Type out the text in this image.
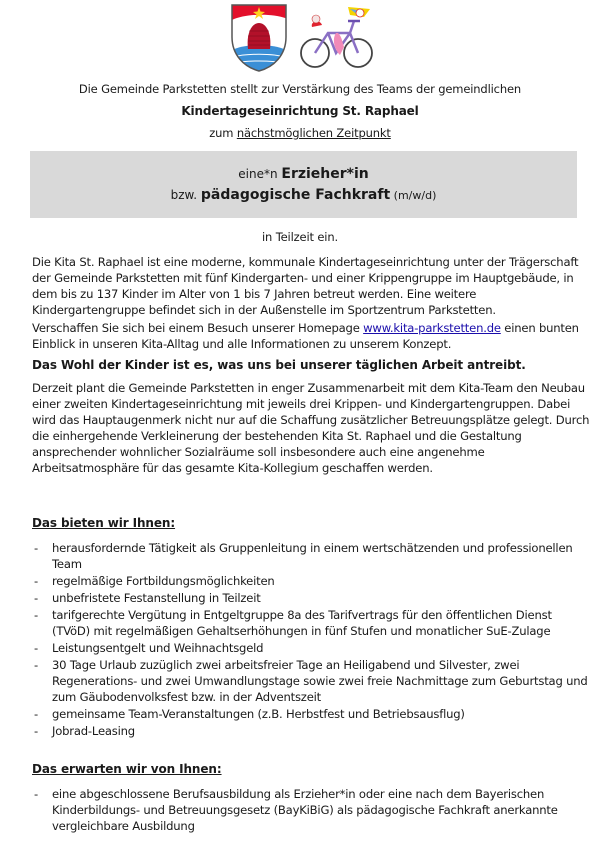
Die Gemeinde Parkstetten stellt zur Verstärkung des Teams der gemeindlichen
Kindertageseinrichtung St. Raphael
zum nächstmöglichen Zeitpunkt
eine*n Erzieher*in
bzw. pädagogische Fachkraft (m/w/d)
in Teilzeit ein.
Die Kita St. Raphael ist eine moderne, kommunale Kindertageseinrichtung unter der Trägerschaft der Gemeinde Parkstetten mit fünf Kindergarten- und einer Krippengruppe im Hauptgebäude, in dem bis zu 137 Kinder im Alter von 1 bis 7 Jahren betreut werden. Eine weitere Kindergartengruppe befindet sich in der Außenstelle im Sportzentrum Parkstetten.
Verschaffen Sie sich bei einem Besuch unserer Homepage www.kita-parkstetten.de einen bunten Einblick in unseren Kita-Alltag und alle Informationen zu unserem Konzept.
Das Wohl der Kinder ist es, was uns bei unserer täglichen Arbeit antreibt.
Derzeit plant die Gemeinde Parkstetten in enger Zusammenarbeit mit dem Kita-Team den Neubau einer zweiten Kindertageseinrichtung mit jeweils drei Krippen- und Kindergartengruppen. Dabei wird das Hauptaugenmerk nicht nur auf die Schaffung zusätzlicher Betreuungsplätze gelegt. Durch die einhergehende Verkleinerung der bestehenden Kita St. Raphael und die Gestaltung ansprechender wohnlicher Sozialräume soll insbesondere auch eine angenehme Arbeitsatmosphäre für das gesamte Kita-Kollegium geschaffen werden.
Das bieten wir Ihnen:
- herausfordernde Tätigkeit als Gruppenleitung in einem wertschätzenden und professionellen Team
- regelmäßige Fortbildungsmöglichkeiten
- unbefristete Festanstellung in Teilzeit
- tarifgerechte Vergütung in Entgeltgruppe 8a des Tarifvertrags für den öffentlichen Dienst (TVöD) mit regelmäßigen Gehaltserhöhungen in fünf Stufen und monatlicher SuE-Zulage
- Leistungsentgelt und Weihnachtsgeld
- 30 Tage Urlaub zuzüglich zwei arbeitsfreier Tage an Heiligabend und Silvester, zwei Regenerations- und zwei Umwandlungstage sowie zwei freie Nachmittage zum Geburtstag und zum Gäubodenvolksfest bzw. in der Adventszeit
- gemeinsame Team-Veranstaltungen (z.B. Herbstfest und Betriebsausflug)
- Jobrad-Leasing
Das erwarten wir von Ihnen:
- eine abgeschlossene Berufsausbildung als Erzieher*in oder eine nach dem Bayerischen Kinderbildungs- und Betreuungsgesetz (BayKiBiG) als pädagogische Fachkraft anerkannte vergleichbare Ausbildung
